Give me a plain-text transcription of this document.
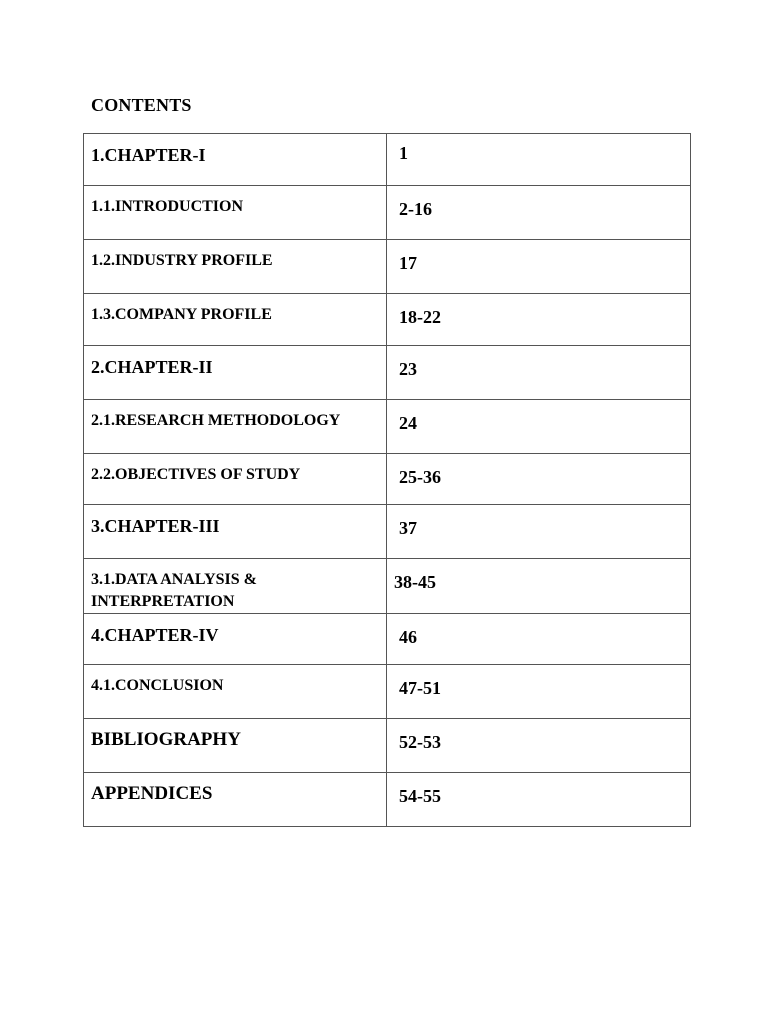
CONTENTS
1.CHAPTER-I	1

1.1.INTRODUCTION	2-16

1.2.INDUSTRY PROFILE	17

1.3.COMPANY PROFILE	18-22

2.CHAPTER-II	23

2.1.RESEARCH METHODOLOGY	24

2.2.OBJECTIVES OF STUDY	25-36

3.CHAPTER-III	37

3.1.DATA ANALYSIS & INTERPRETATION	38-45

4.CHAPTER-IV	46

4.1.CONCLUSION	47-51

BIBLIOGRAPHY	52-53

APPENDICES	54-55
